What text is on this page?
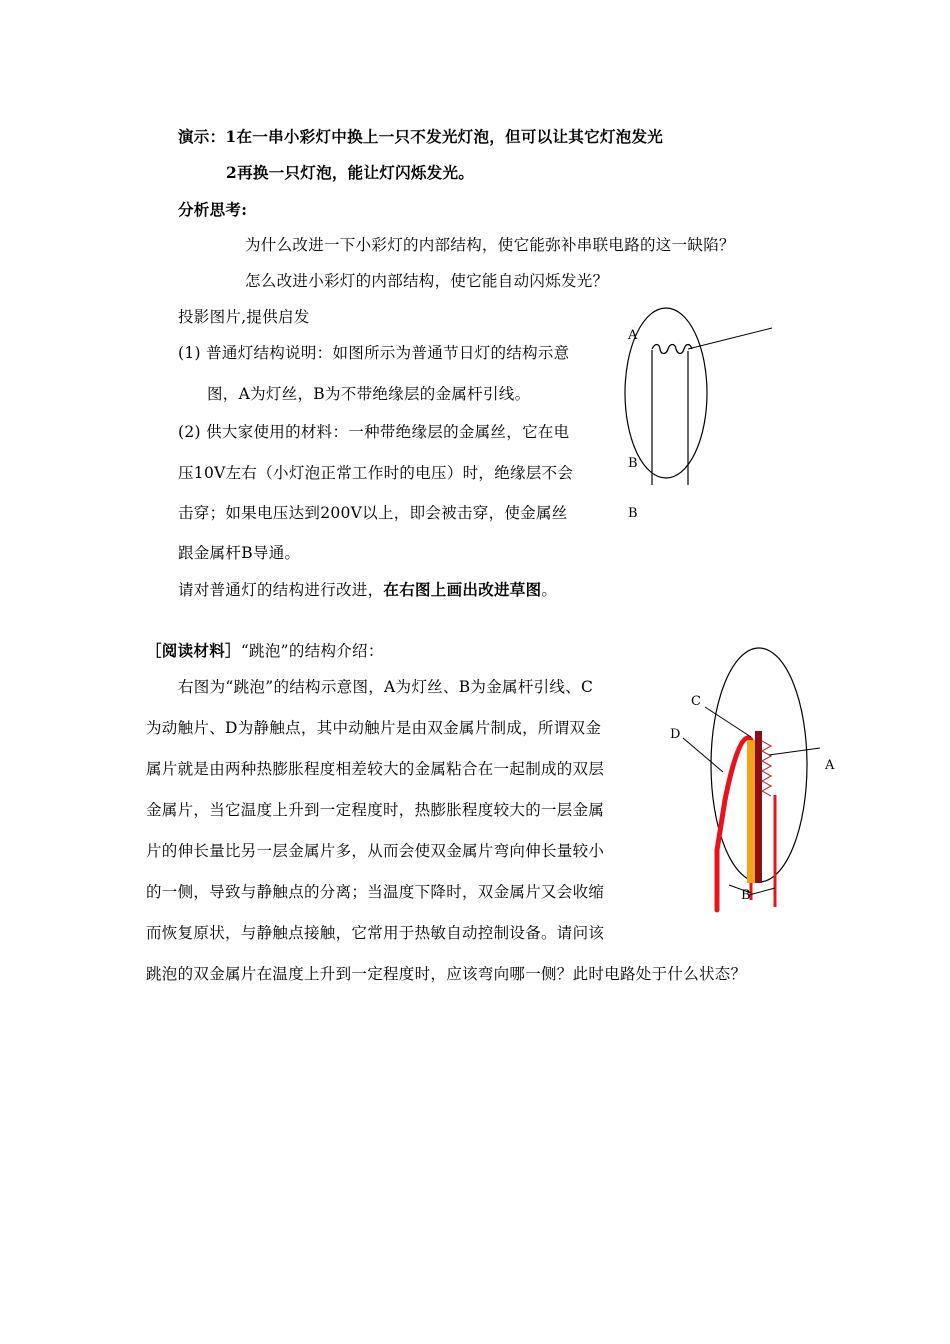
演示：1在一串小彩灯中换上一只不发光灯泡，但可以让其它灯泡发光
2再换一只灯泡，能让灯闪烁发光。
分析思考:
为什么改进一下小彩灯的内部结构，使它能弥补串联电路的这一缺陷？
怎么改进小彩灯的内部结构，使它能自动闪烁发光？
投影图片,提供启发
(1) 普通灯结构说明：如图所示为普通节日灯的结构示意
图，A为灯丝，B为不带绝缘层的金属杆引线。
(2) 供大家使用的材料：一种带绝缘层的金属丝，它在电
压10V左右（小灯泡正常工作时的电压）时，绝缘层不会
击穿；如果电压达到200V以上，即会被击穿，使金属丝
跟金属杆B导通。
请对普通灯的结构进行改进，在右图上画出改进草图。
A
B
B
［阅读材料］“跳泡”的结构介绍：
右图为“跳泡”的结构示意图，A为灯丝、B为金属杆引线、C
为动触片、D为静触点，其中动触片是由双金属片制成，所谓双金
属片就是由两种热膨胀程度相差较大的金属粘合在一起制成的双层
金属片，当它温度上升到一定程度时，热膨胀程度较大的一层金属
片的伸长量比另一层金属片多，从而会使双金属片弯向伸长量较小
的一侧，导致与静触点的分离；当温度下降时，双金属片又会收缩
而恢复原状，与静触点接触，它常用于热敏自动控制设备。请问该
跳泡的双金属片在温度上升到一定程度时，应该弯向哪一侧？此时电路处于什么状态？
C
D
A
B
